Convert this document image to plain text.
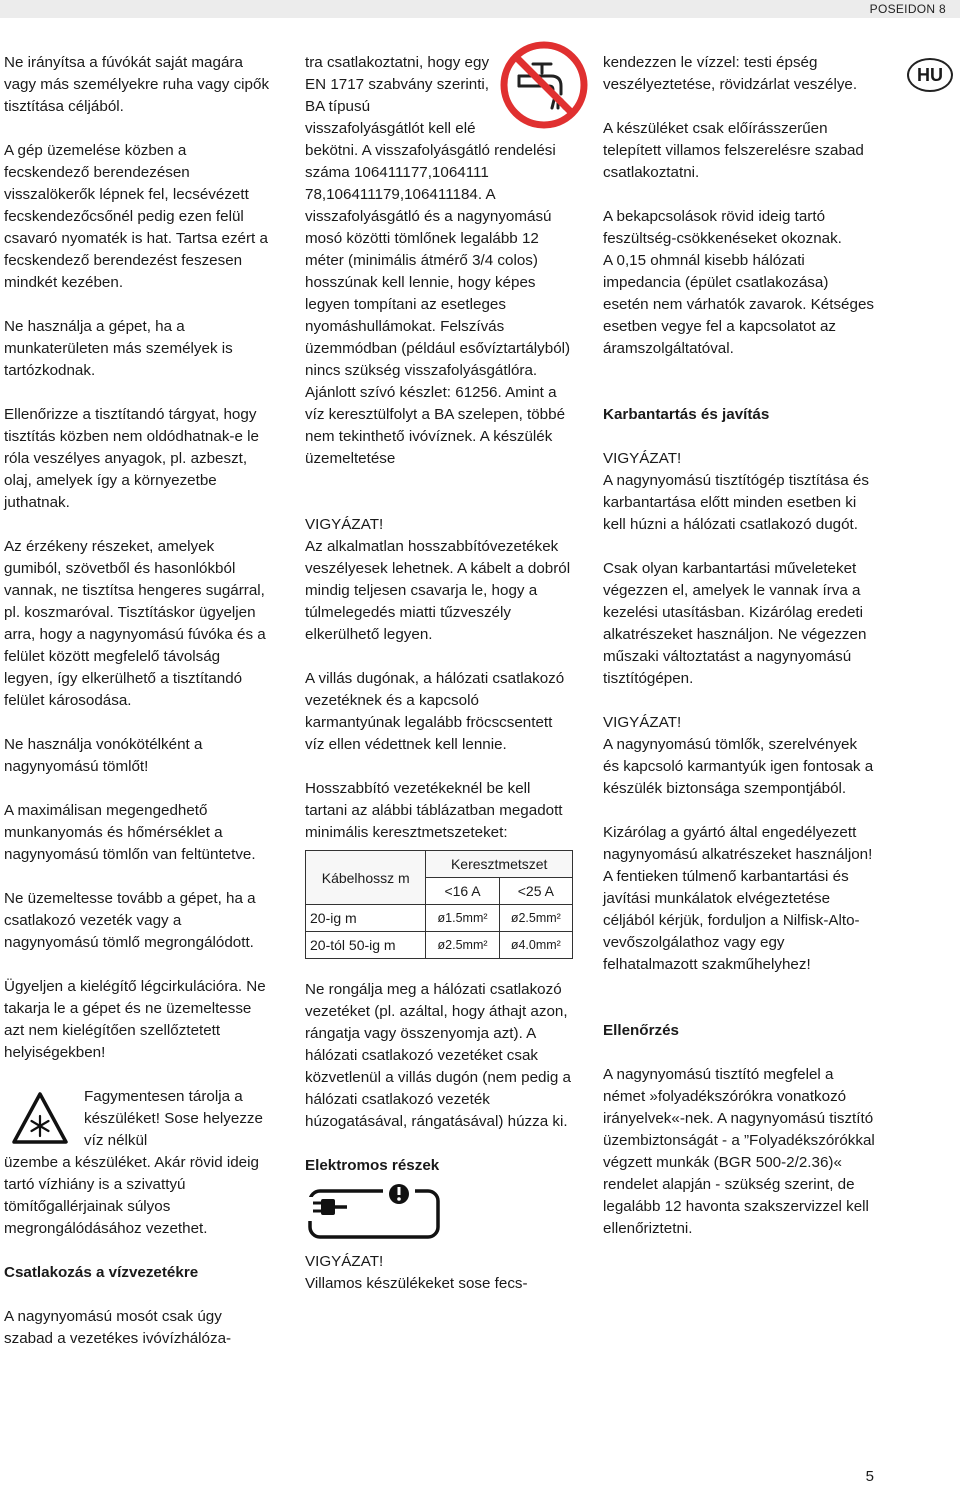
POSEIDON 8
HU

Ne irányítsa a fúvókát saját magára vagy más személyekre ruha vagy cipők tisztítása céljából.

A gép üzemelése közben a fecskendező berendezésen visszalökerők lépnek fel, lecsévézett fecskendezőcsőnél pedig ezen felül csavaró nyomaték is hat. Tartsa ezért a fecskendező berendezést feszesen mindkét kezében.

Ne használja a gépet, ha a munkaterületen más személyek is tartózkodnak.

Ellenőrizze a tisztítandó tárgyat, hogy tisztítás közben nem oldódhatnak-e le róla veszélyes anyagok, pl. azbeszt, olaj, amelyek így a környezetbe juthatnak.

Az érzékeny részeket, amelyek gumiból, szövetből és hasonlókból vannak, ne tisztítsa hengeres sugárral, pl. koszmaróval. Tisztításkor ügyeljen arra, hogy a nagynyomású fúvóka és a felület között megfelelő távolság legyen, így elkerülhető a tisztítandó felület károsodása.

Ne használja vonókötélként a nagynyomású tömlőt!

A maximálisan megengedhető munkanyomás és hőmérséklet a nagynyomású tömlőn van feltüntetve.

Ne üzemeltesse tovább a gépet, ha a csatlakozó vezeték vagy a nagynyomású tömlő megrongálódott.

Ügyeljen a kielégítő légcirkulációra. Ne takarja le a gépet és ne üzemeltesse azt nem kielégítően szellőztetett helyiségekben!

Fagymentesen tárolja a készüléket! Sose helyezze víz nélkül

üzembe a készüléket. Akár rövid ideig tartó vízhiány is a szivattyú tömítőgallérjainak súlyos megrongálódásához vezethet.

Csatlakozás a vízvezetékre

A nagynyomású mosót csak úgy szabad a vezetékes ivóvízhálóza-

tra csatlakoztatni, hogy egy EN 1717 szabvány szerinti, BA típusú visszafolyásgátlót kell elé bekötni. A visszafolyásgátló rendelési száma 106411177,1064111 78,106411179,106411184. A visszafolyásgátló és a nagynyomású mosó közötti tömlőnek legalább 12 méter (minimális átmérő 3/4 colos) hosszúnak kell lennie, hogy képes legyen tompítani az esetleges nyomáshullámokat. Felszívás üzemmódban (például esővíztartályból) nincs szükség visszafolyásgátlóra. Ajánlott szívó készlet: 61256. Amint a víz keresztülfolyt a BA szelepen, többé nem tekinthető ivóvíznek. A készülék üzemeltetése

VIGYÁZAT!

Az alkalmatlan hosszabbítóvezetékek veszélyesek lehetnek. A kábelt a dobról mindig teljesen csavarja le, hogy a túlmelegedés miatti tűzveszély elkerülhető legyen.

A villás dugónak, a hálózati csatlakozó vezetéknek és a kapcsoló karmantyúnak legalább fröcscsentett víz ellen védettnek kell lennie.

Hosszabbító vezetékeknél be kell tartani az alábbi táblázatban megadott minimális keresztmetszeteket:

Kábelhossz m	Keresztmetszet	
	<16 A	<25 A
20-ig m	ø1.5mm²	ø2.5mm²
20-tól 50-ig m	ø2.5mm²	ø4.0mm²

Ne rongálja meg a hálózati csatlakozó vezetéket (pl. azáltal, hogy áthajt azon, rángatja vagy összenyomja azt). A hálózati csatlakozó vezetéket csak közvetlenül a villás dugón (nem pedig a hálózati csatlakozó vezeték húzogatásával, rángatásával) húzza ki.

Elektromos részek
VIGYÁZAT!

Villamos készülékeket sose fecs-

kendezzen le vízzel: testi épség veszélyeztetése, rövidzárlat veszélye.

A készüléket csak előírásszerűen telepített villamos felszerelésre szabad csatlakoztatni.

A bekapcsolások rövid ideig tartó feszültség-csökkenéseket okoznak.

A 0,15 ohmnál kisebb hálózati impedancia (épület csatlakozása) esetén nem várhatók zavarok. Kétséges esetben vegye fel a kapcsolatot az áramszolgáltatóval.

Karbantartás és javítás
VIGYÁZAT!

A nagynyomású tisztítógép tisztítása és karbantartása előtt minden esetben ki kell húzni a hálózati csatlakozó dugót.

Csak olyan karbantartási műveleteket végezzen el, amelyek le vannak írva a kezelési utasításban. Kizárólag eredeti alkatrészeket használjon. Ne végezzen műszaki változtatást a nagynyomású tisztítógépen.

VIGYÁZAT!

A nagynyomású tömlők, szerelvények és kapcsoló karmantyúk igen fontosak a készülék biztonsága szempontjából.

Kizárólag a gyártó által engedélyezett nagynyomású alkatrészeket használjon!

A fentieken túlmenő karbantartási és javítási munkálatok elvégeztetése céljából kérjük, forduljon a Nilfisk-Alto-vevőszolgálathoz vagy egy felhatalmazott szakműhelyhez!

Ellenőrzés

A nagynyomású tisztító megfelel a német »folyadékszórókra vonatkozó irányelvek«-nek. A nagynyomású tisztító üzembiztonságát - a ”Folyadékszórókkal végzett munkák (BGR 500-2/2.36)« rendelet alapján - szükség szerint, de legalább 12 havonta szakszervizzel kell ellenőriztetni.

5
